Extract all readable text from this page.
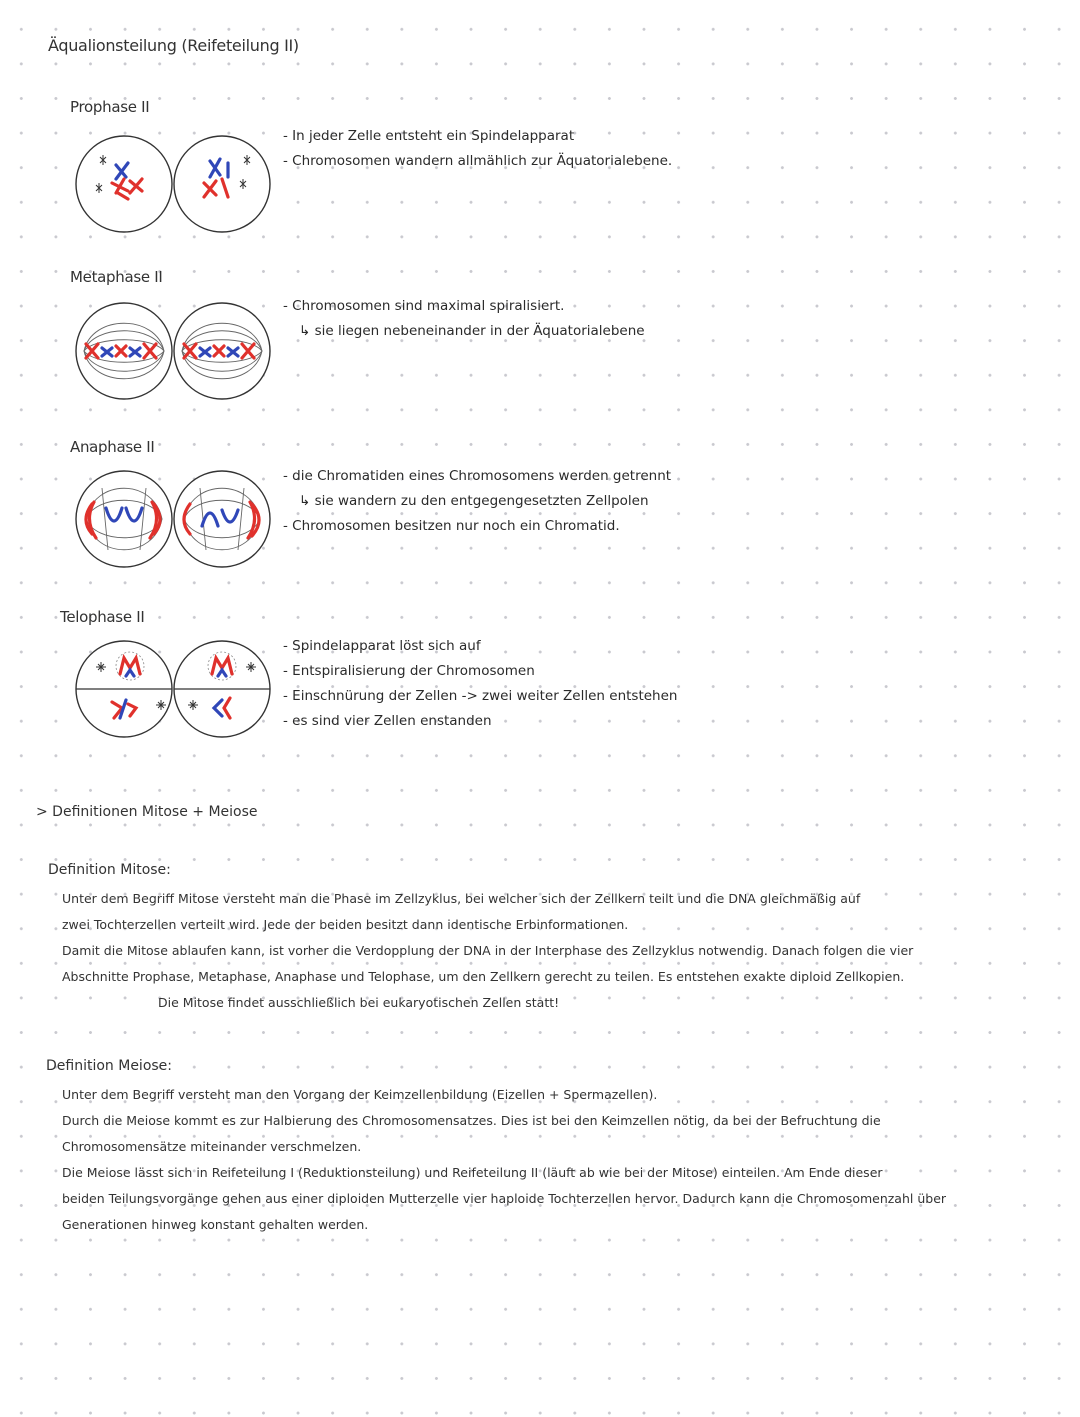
Äqualionsteilung (Reifeteilung II)
Prophase II
- In jeder Zelle entsteht ein Spindelapparat
- Chromosomen wandern allmählich zur Äquatorialebene.
Metaphase II
- Chromosomen sind maximal spiralisiert.
↳ sie liegen nebeneinander in der Äquatorialebene
Anaphase II
- die Chromatiden eines Chromosomens werden getrennt
↳ sie wandern zu den entgegengesetzten Zellpolen
- Chromosomen besitzen nur noch ein Chromatid.
Telophase II
- Spindelapparat löst sich auf
- Entspiralisierung der Chromosomen
- Einschnürung der Zellen -> zwei weiter Zellen entstehen
- es sind vier Zellen enstanden
> Definitionen Mitose + Meiose
Definition Mitose:
Unter dem Begriff Mitose versteht man die Phase im Zellzyklus, bei welcher sich der Zellkern teilt und die DNA gleichmäßig auf
zwei Tochterzellen verteilt wird. Jede der beiden besitzt dann identische Erbinformationen.
Damit die Mitose ablaufen kann, ist vorher die Verdopplung der DNA in der Interphase des Zellzyklus notwendig. Danach folgen die vier
Abschnitte Prophase, Metaphase, Anaphase und Telophase, um den Zellkern gerecht zu teilen. Es entstehen exakte diploid Zellkopien.
Die Mitose findet ausschließlich bei eukaryotischen Zellen statt!
Definition Meiose:
Unter dem Begriff versteht man den Vorgang der Keimzellenbildung (Eizellen + Spermazellen).
Durch die Meiose kommt es zur Halbierung des Chromosomensatzes. Dies ist bei den Keimzellen nötig, da bei der Befruchtung die
Chromosomensätze miteinander verschmelzen.
Die Meiose lässt sich in Reifeteilung I (Reduktionsteilung) und Reifeteilung II (läuft ab wie bei der Mitose) einteilen. Am Ende dieser
beiden Teilungsvorgänge gehen aus einer diploiden Mutterzelle vier haploide Tochterzellen hervor. Dadurch kann die Chromosomenzahl über
Generationen hinweg konstant gehalten werden.
